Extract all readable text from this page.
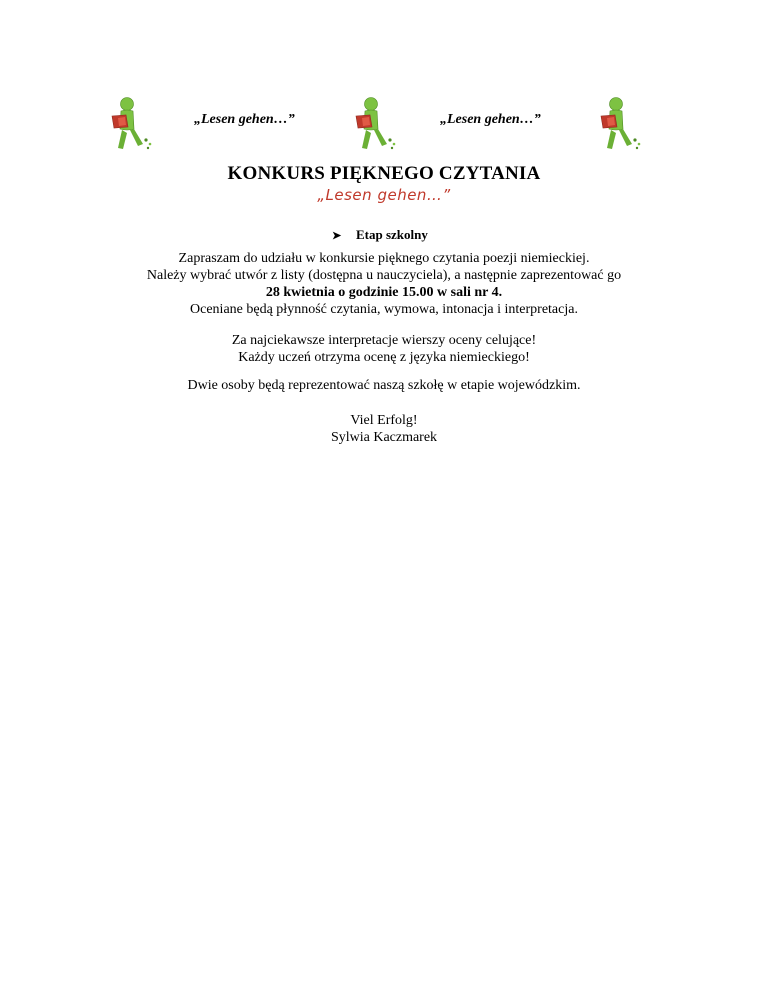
„Lesen gehen…”	„Lesen gehen…”
KONKURS PIĘKNEGO CZYTANIA
„Lesen gehen…”
➤ Etap szkolny
Zapraszam do udziału w konkursie pięknego czytania poezji niemieckiej.
Należy wybrać utwór z listy (dostępna u nauczyciela), a następnie zaprezentować go
28 kwietnia o godzinie 15.00 w sali nr 4.
Oceniane będą płynność czytania, wymowa, intonacja i interpretacja.
Za najciekawsze interpretacje wierszy oceny celujące!
Każdy uczeń otrzyma ocenę z języka niemieckiego!
Dwie osoby będą reprezentować naszą szkołę w etapie wojewódzkim.
Viel Erfolg!
Sylwia Kaczmarek
